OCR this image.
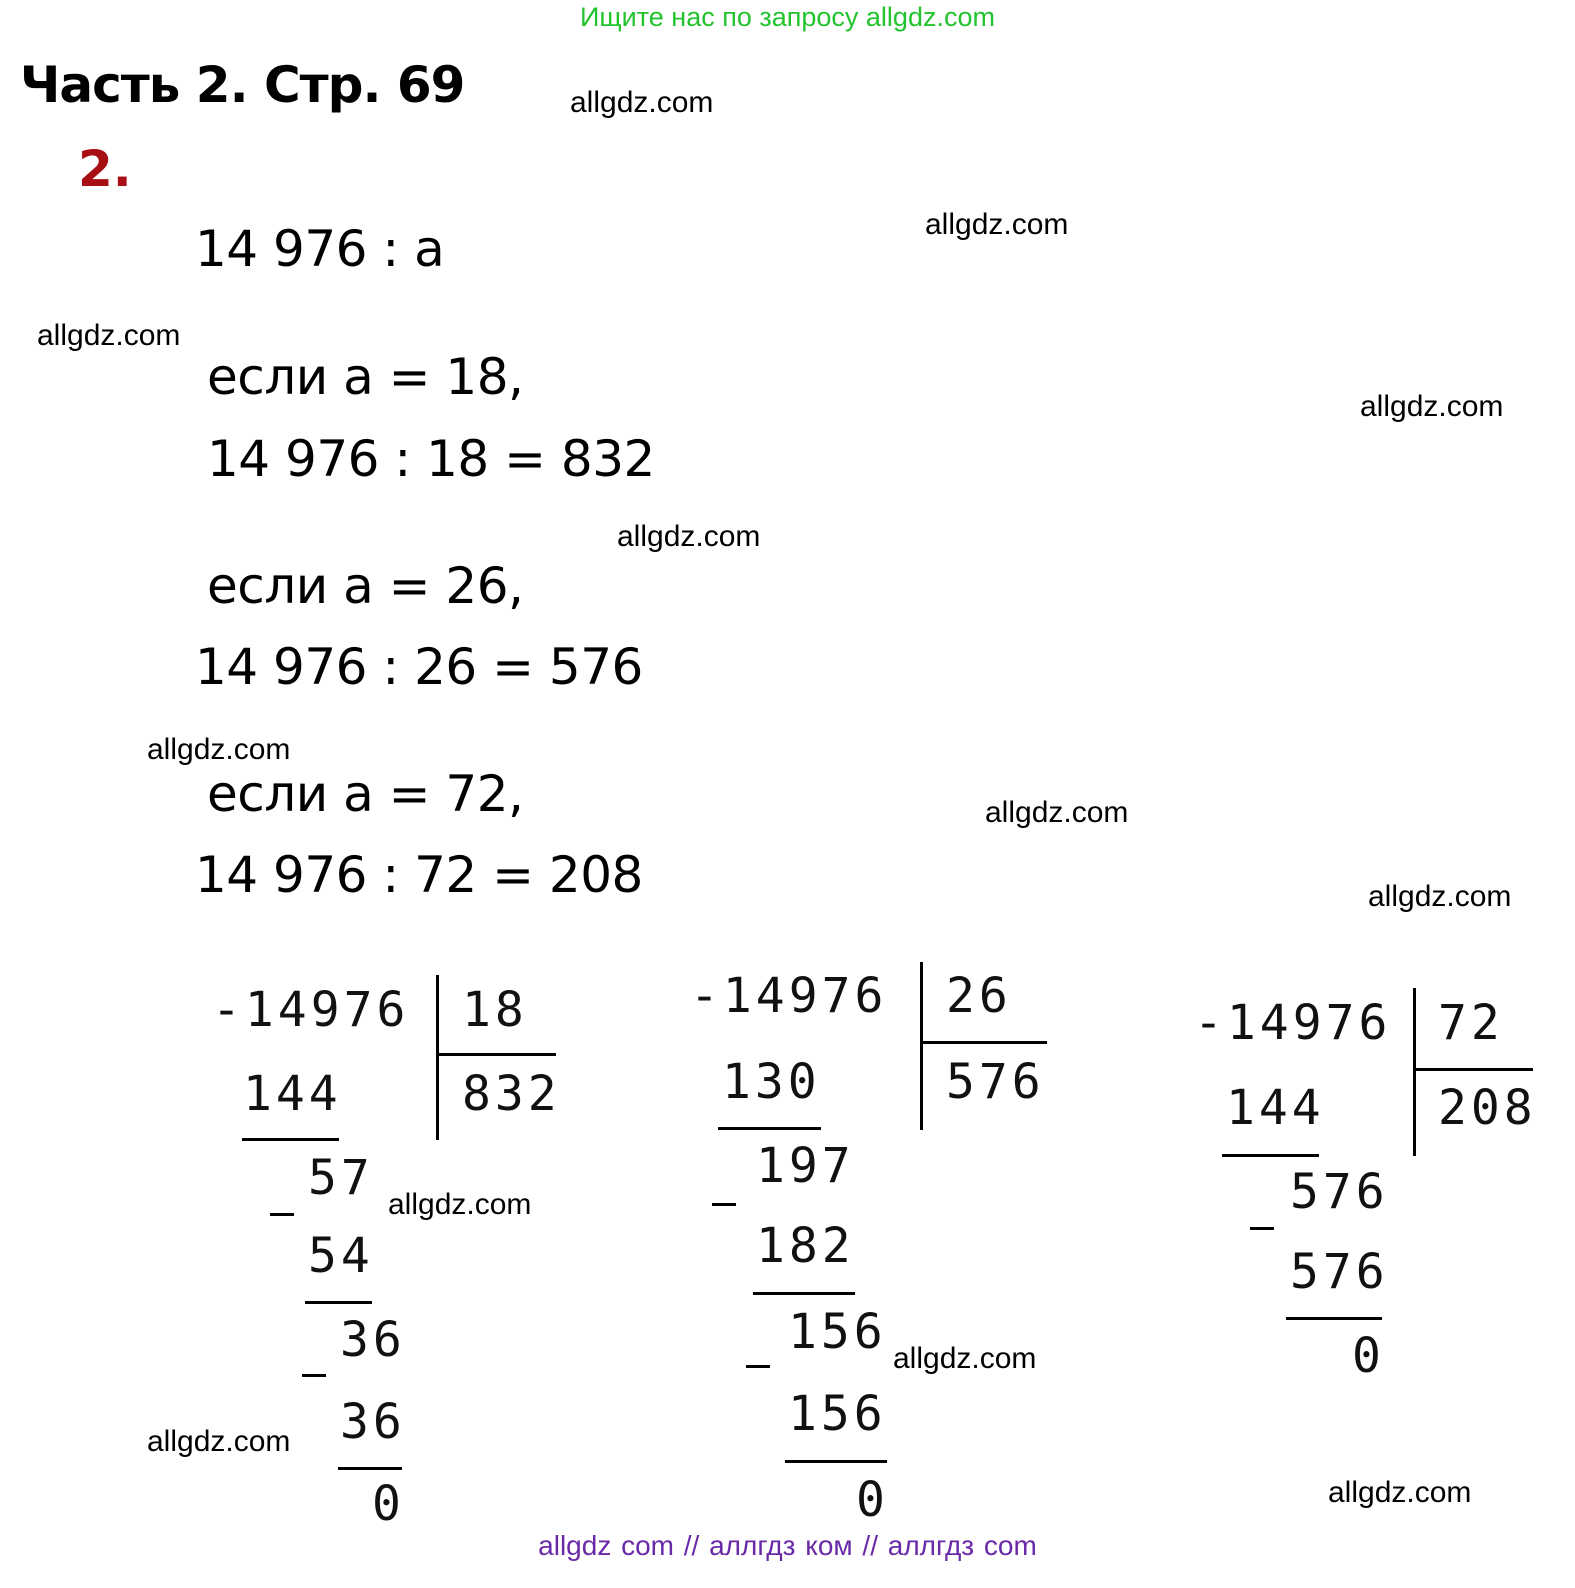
Ищите нас по запросу allgdz.com
Часть 2. Стр. 69
2.
14 976 : a
если а = 18,
14 976 : 18 = 832
если а = 26,
14 976 : 26 = 576
если а = 72,
14 976 : 72 = 208
allgdz.com
allgdz.com
allgdz.com
allgdz.com
allgdz.com
allgdz.com
allgdz.com
allgdz.com
allgdz.com
allgdz.com
allgdz.com
allgdz.com
-14976 18
832
144
57
54
36
36
0
-14976 26
576
130
197
182
156
156
0
-14976 72
208
144
576
576
0
allgdz com // аллгдз ком // аллгдз com
